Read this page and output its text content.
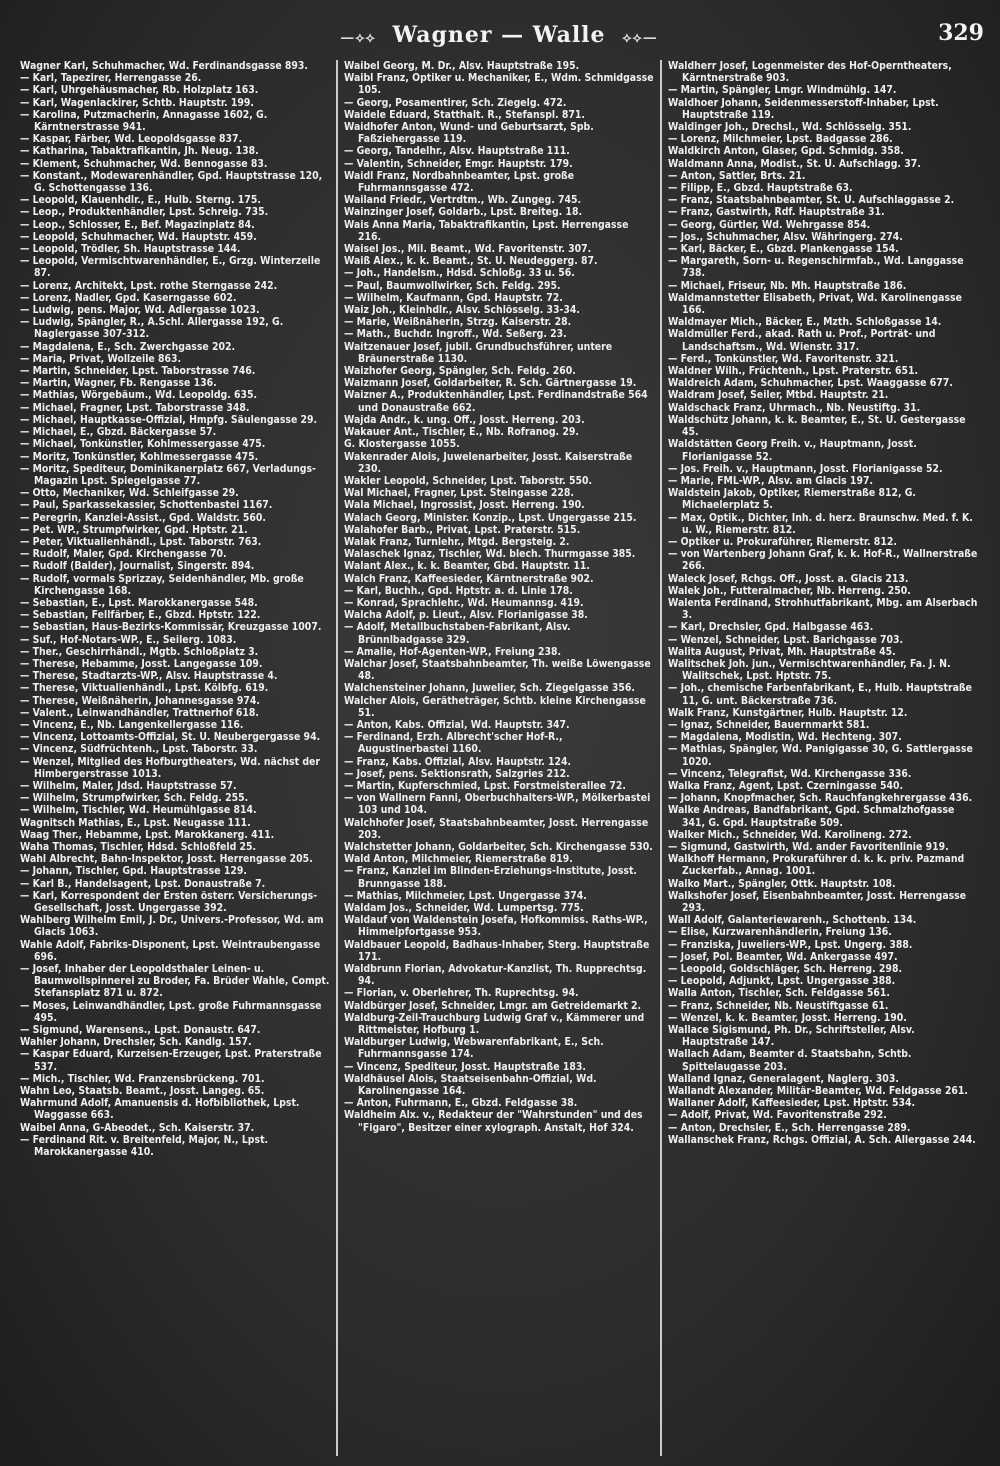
—⟡⟡ Wagner — Walle ⟡⟡—	329
Wagner Karl, Schuhmacher, Wd. Ferdinandsgasse 893.
— Karl, Tapezirer, Herrengasse 26.
— Karl, Uhrgehäusmacher, Rb. Holzplatz 163.
— Karl, Wagenlackirer, Schtb. Hauptstr. 199.
— Karolina, Putzmacherin, Annagasse 1602, G. Kärntnerstrasse 941.
— Kaspar, Färber, Wd. Leopoldsgasse 837.
— Katharina, Tabaktrafikantin, Jh. Neug. 138.
— Klement, Schuhmacher, Wd. Bennogasse 83.
— Konstant., Modewarenhändler, Gpd. Hauptstrasse 120, G. Schottengasse 136.
— Leopold, Klauenhdlr., E., Hulb. Sterng. 175.
— Leop., Produktenhändler, Lpst. Schreig. 735.
— Leop., Schlosser, E., Bef. Magazinplatz 84.
— Leopold, Schuhmacher, Wd. Hauptstr. 459.
— Leopold, Trödler, Sh. Hauptstrasse 144.
— Leopold, Vermischtwarenhändler, E., Grzg. Winterzeile 87.
— Lorenz, Architekt, Lpst. rothe Sterngasse 242.
— Lorenz, Nadler, Gpd. Kaserngasse 602.
— Ludwig, pens. Major, Wd. Adlergasse 1023.
— Ludwig, Spängler, R., A.Schl. Allergasse 192, G. Naglergasse 307-312.
— Magdalena, E., Sch. Zwerchgasse 202.
— Maria, Privat, Wollzeile 863.
— Martin, Schneider, Lpst. Taborstrasse 746.
— Martin, Wagner, Fb. Rengasse 136.
— Mathias, Wörgebäum., Wd. Leopoldg. 635.
— Michael, Fragner, Lpst. Taborstrasse 348.
— Michael, Hauptkasse-Offizial, Hmpfg. Säulengasse 29.
— Michael, E., Gbzd. Bäckergasse 57.
— Michael, Tonkünstler, Kohlmessergasse 475.
— Moritz, Tonkünstler, Kohlmessergasse 475.
— Moritz, Spediteur, Dominikanerplatz 667, Verladungs-Magazin Lpst. Spiegelgasse 77.
— Otto, Mechaniker, Wd. Schleifgasse 29.
— Paul, Sparkassekassier, Schottenbastei 1167.
— Peregrin, Kanzlei-Assist., Gpd. Waldstr. 560.
— Pet. WP., Strumpfwirker, Gpd. Hptstr. 21.
— Peter, Viktualienhändl., Lpst. Taborstr. 763.
— Rudolf, Maler, Gpd. Kirchengasse 70.
— Rudolf (Balder), Journalist, Singerstr. 894.
— Rudolf, vormals Sprizzay, Seidenhändler, Mb. große Kirchengasse 168.
— Sebastian, E., Lpst. Marokkanergasse 548.
— Sebastian, Fellfärber, E., Gbzd. Hptstr. 122.
— Sebastian, Haus-Bezirks-Kommissär, Kreuzgasse 1007.
— Suf., Hof-Notars-WP., E., Seilerg. 1083.
— Ther., Geschirrhändl., Mgtb. Schloßplatz 3.
— Therese, Hebamme, Josst. Langegasse 109.
— Therese, Stadtarzts-WP., Alsv. Hauptstrasse 4.
— Therese, Viktualienhändl., Lpst. Kölbfg. 619.
— Therese, Weißnäherin, Johannesgasse 974.
— Valent., Leinwandhändler, Trattnerhof 618.
— Vincenz, E., Nb. Langenkellergasse 116.
— Vincenz, Lottoamts-Offizial, St. U. Neubergergasse 94.
— Vincenz, Südfrüchtenh., Lpst. Taborstr. 33.
— Wenzel, Mitglied des Hofburgtheaters, Wd. nächst der Himbergerstrasse 1013.
— Wilhelm, Maler, Jdsd. Hauptstrasse 57.
— Wilhelm, Strumpfwirker, Sch. Feldg. 255.
— Wilhelm, Tischler, Wd. Heumühlgasse 814.
Wagnitsch Mathias, E., Lpst. Neugasse 111.
Waag Ther., Hebamme, Lpst. Marokkanerg. 411.
Waha Thomas, Tischler, Hdsd. Schloßfeld 25.
Wahl Albrecht, Bahn-Inspektor, Josst. Herrengasse 205.
— Johann, Tischler, Gpd. Hauptstrasse 129.
— Karl B., Handelsagent, Lpst. Donaustraße 7.
— Karl, Korrespondent der Ersten österr. Versicherungs-Gesellschaft, Josst. Ungergasse 392.
Wahlberg Wilhelm Emil, J. Dr., Univers.-Professor, Wd. am Glacis 1063.
Wahle Adolf, Fabriks-Disponent, Lpst. Weintraubengasse 696.
— Josef, Inhaber der Leopoldsthaler Leinen- u. Baumwollspinnerei zu Broder, Fa. Brüder Wahle, Compt. Stefansplatz 871 u. 872.
— Moses, Leinwandhändler, Lpst. große Fuhrmannsgasse 495.
— Sigmund, Warensens., Lpst. Donaustr. 647.
Wahler Johann, Drechsler, Sch. Kandlg. 157.
— Kaspar Eduard, Kurzeisen-Erzeuger, Lpst. Praterstraße 537.
— Mich., Tischler, Wd. Franzensbrückeng. 701.
Wahn Leo, Staatsb. Beamt., Josst. Langeg. 65.
Wahrmund Adolf, Amanuensis d. Hofbibliothek, Lpst. Waggasse 663.
Waibel Anna, G-Abeodet., Sch. Kaiserstr. 37.
— Ferdinand Rit. v. Breitenfeld, Major, N., Lpst. Marokkanergasse 410.
Waibel Georg, M. Dr., Alsv. Hauptstraße 195.
Waibl Franz, Optiker u. Mechaniker, E., Wdm. Schmidgasse 105.
— Georg, Posamentirer, Sch. Ziegelg. 472.
Waidele Eduard, Statthalt. R., Stefanspl. 871.
Waidhofer Anton, Wund- und Geburtsarzt, Spb. Faßziehergasse 119.
— Georg, Tandelhr., Alsv. Hauptstraße 111.
— Valentin, Schneider, Emgr. Hauptstr. 179.
Waidl Franz, Nordbahnbeamter, Lpst. große Fuhrmannsgasse 472.
Wailand Friedr., Vertrdtm., Wb. Zungeg. 745.
Wainzinger Josef, Goldarb., Lpst. Breiteg. 18.
Wais Anna Maria, Tabaktrafikantin, Lpst. Herrengasse 216.
Waisel Jos., Mil. Beamt., Wd. Favoritenstr. 307.
Waiß Alex., k. k. Beamt., St. U. Neudeggerg. 87.
— Joh., Handelsm., Hdsd. Schloßg. 33 u. 56.
— Paul, Baumwollwirker, Sch. Feldg. 295.
— Wilhelm, Kaufmann, Gpd. Hauptstr. 72.
Waiz Joh., Kleinhdlr., Alsv. Schlösselg. 33-34.
— Marie, Weißnäherin, Strzg. Kaiserstr. 28.
— Math., Buchdr. Ingroff., Wd. Seßerg. 23.
Waitzenauer Josef, jubil. Grundbuchsführer, untere Bräunerstraße 1130.
Waizhofer Georg, Spängler, Sch. Feldg. 260.
Waizmann Josef, Goldarbeiter, R. Sch. Gärtnergasse 19.
Waizner A., Produktenhändler, Lpst. Ferdinandstraße 564 und Donaustraße 662.
Wajda Andr., k. ung. Off., Josst. Herreng. 203.
Wakauer Ant., Tischler, E., Nb. Rofranog. 29.
G. Klostergasse 1055.
Wakenrader Alois, Juwelenarbeiter, Josst. Kaiserstraße 230.
Wakler Leopold, Schneider, Lpst. Taborstr. 550.
Wal Michael, Fragner, Lpst. Steingasse 228.
Wala Michael, Ingrossist, Josst. Herreng. 190.
Walach Georg, Minister. Konzip., Lpst. Ungergasse 215.
Walahofer Barb., Privat, Lpst. Praterstr. 515.
Walak Franz, Turnlehr., Mtgd. Bergsteig. 2.
Walaschek Ignaz, Tischler, Wd. blech. Thurmgasse 385.
Walant Alex., k. k. Beamter, Gbd. Hauptstr. 11.
Walch Franz, Kaffeesieder, Kärntnerstraße 902.
— Karl, Buchh., Gpd. Hptstr. a. d. Linie 178.
— Konrad, Sprachlehr., Wd. Heumannsg. 419.
Walcha Adolf, p. Lieut., Alsv. Florianigasse 38.
— Adolf, Metallbuchstaben-Fabrikant, Alsv. Brünnlbadgasse 329.
— Amalie, Hof-Agenten-WP., Freiung 238.
Walchar Josef, Staatsbahnbeamter, Th. weiße Löwengasse 48.
Walchensteiner Johann, Juwelier, Sch. Ziegelgasse 356.
Walcher Alois, Gerätheträger, Schtb. kleine Kirchengasse 51.
— Anton, Kabs. Offizial, Wd. Hauptstr. 347.
— Ferdinand, Erzh. Albrecht'scher Hof-R., Augustinerbastei 1160.
— Franz, Kabs. Offizial, Alsv. Hauptstr. 124.
— Josef, pens. Sektionsrath, Salzgries 212.
— Martin, Kupferschmied, Lpst. Forstmeisterallee 72.
— von Wallnern Fanni, Oberbuchhalters-WP., Mölkerbastei 103 und 104.
Walchhofer Josef, Staatsbahnbeamter, Josst. Herrengasse 203.
Walchstetter Johann, Goldarbeiter, Sch. Kirchengasse 530.
Wald Anton, Milchmeier, Riemerstraße 819.
— Franz, Kanzlei im Blinden-Erziehungs-Institute, Josst. Brunngasse 188.
— Mathias, Milchmeier, Lpst. Ungergasse 374.
Waldam Jos., Schneider, Wd. Lumpertsg. 775.
Waldauf von Waldenstein Josefa, Hofkommiss. Raths-WP., Himmelpfortgasse 953.
Waldbauer Leopold, Badhaus-Inhaber, Sterg. Hauptstraße 171.
Waldbrunn Florian, Advokatur-Kanzlist, Th. Rupprechtsg. 94.
— Florian, v. Oberlehrer, Th. Ruprechtsg. 94.
Waldbürger Josef, Schneider, Lmgr. am Getreidemarkt 2.
Waldburg-Zeil-Trauchburg Ludwig Graf v., Kämmerer und Rittmeister, Hofburg 1.
Waldburger Ludwig, Webwarenfabrikant, E., Sch. Fuhrmannsgasse 174.
— Vincenz, Spediteur, Josst. Hauptstraße 183.
Waldhäusel Alois, Staatseisenbahn-Offizial, Wd. Karolinengasse 164.
— Anton, Fuhrmann, E., Gbzd. Feldgasse 38.
Waldheim Alx. v., Redakteur der "Wahrstunden" und des "Figaro", Besitzer einer xylograph. Anstalt, Hof 324.
Waldherr Josef, Logenmeister des Hof-Operntheaters, Kärntnerstraße 903.
— Martin, Spängler, Lmgr. Windmühlg. 147.
Waldhoer Johann, Seidenmesserstoff-Inhaber, Lpst. Hauptstraße 119.
Waldinger Joh., Drechsl., Wd. Schlösselg. 351.
— Lorenz, Milchmeier, Lpst. Badgasse 286.
Waldkirch Anton, Glaser, Gpd. Schmidg. 358.
Waldmann Anna, Modist., St. U. Aufschlagg. 37.
— Anton, Sattler, Brts. 21.
— Filipp, E., Gbzd. Hauptstraße 63.
— Franz, Staatsbahnbeamter, St. U. Aufschlaggasse 2.
— Franz, Gastwirth, Rdf. Hauptstraße 31.
— Georg, Gürtler, Wd. Wehrgasse 854.
— Jos., Schuhmacher, Alsv. Währingerg. 274.
— Karl, Bäcker, E., Gbzd. Plankengasse 154.
— Margareth, Sorn- u. Regenschirmfab., Wd. Langgasse 738.
— Michael, Friseur, Nb. Mh. Hauptstraße 186.
Waldmannstetter Elisabeth, Privat, Wd. Karolinengasse 166.
Waldmayer Mich., Bäcker, E., Mzth. Schloßgasse 14.
Waldmüller Ferd., akad. Rath u. Prof., Porträt- und Landschaftsm., Wd. Wienstr. 317.
— Ferd., Tonkünstler, Wd. Favoritenstr. 321.
Waldner Wilh., Früchtenh., Lpst. Praterstr. 651.
Waldreich Adam, Schuhmacher, Lpst. Waaggasse 677.
Waldram Josef, Seiler, Mtbd. Hauptstr. 21.
Waldschack Franz, Uhrmach., Nb. Neustiftg. 31.
Waldschütz Johann, k. k. Beamter, E., St. U. Gestergasse 45.
Waldstätten Georg Freih. v., Hauptmann, Josst. Florianigasse 52.
— Jos. Freih. v., Hauptmann, Josst. Florianigasse 52.
— Marie, FML-WP., Alsv. am Glacis 197.
Waldstein Jakob, Optiker, Riemerstraße 812, G. Michaelerplatz 5.
— Max, Optik., Dichter, Inh. d. herz. Braunschw. Med. f. K. u. W., Riemerstr. 812.
— Optiker u. Prokuraführer, Riemerstr. 812.
— von Wartenberg Johann Graf, k. k. Hof-R., Wallnerstraße 266.
Waleck Josef, Rchgs. Off., Josst. a. Glacis 213.
Walek Joh., Futteralmacher, Nb. Herreng. 250.
Walenta Ferdinand, Strohhutfabrikant, Mbg. am Alserbach 3.
— Karl, Drechsler, Gpd. Halbgasse 463.
— Wenzel, Schneider, Lpst. Barichgasse 703.
Walita August, Privat, Mh. Hauptstraße 45.
Walitschek Joh. jun., Vermischtwarenhändler, Fa. J. N. Walitschek, Lpst. Hptstr. 75.
— Joh., chemische Farbenfabrikant, E., Hulb. Hauptstraße 11, G. unt. Bäckerstraße 736.
Walk Franz, Kunstgärtner, Hulb. Hauptstr. 12.
— Ignaz, Schneider, Bauernmarkt 581.
— Magdalena, Modistin, Wd. Hechteng. 307.
— Mathias, Spängler, Wd. Panigigasse 30, G. Sattlergasse 1020.
— Vincenz, Telegrafist, Wd. Kirchengasse 336.
Walka Franz, Agent, Lpst. Czerningasse 540.
— Johann, Knopfmacher, Sch. Rauchfangkehrergasse 436.
Walke Andreas, Bandfabrikant, Gpd. Schmalzhofgasse 341, G. Gpd. Hauptstraße 509.
Walker Mich., Schneider, Wd. Karolineng. 272.
— Sigmund, Gastwirth, Wd. ander Favoritenlinie 919.
Walkhoff Hermann, Prokuraführer d. k. k. priv. Pazmand Zuckerfab., Annag. 1001.
Walko Mart., Spängler, Ottk. Hauptstr. 108.
Walkshofer Josef, Eisenbahnbeamter, Josst. Herrengasse 293.
Wall Adolf, Galanteriewarenh., Schottenb. 134.
— Elise, Kurzwarenhändlerin, Freiung 136.
— Franziska, Juweliers-WP., Lpst. Ungerg. 388.
— Josef, Pol. Beamter, Wd. Ankergasse 497.
— Leopold, Goldschläger, Sch. Herreng. 298.
— Leopold, Adjunkt, Lpst. Ungergasse 388.
Walla Anton, Tischler, Sch. Feldgasse 561.
— Franz, Schneider, Nb. Neustiftgasse 61.
— Wenzel, k. k. Beamter, Josst. Herreng. 190.
Wallace Sigismund, Ph. Dr., Schriftsteller, Alsv. Hauptstraße 147.
Wallach Adam, Beamter d. Staatsbahn, Schtb. Spittelaugasse 203.
Walland Ignaz, Generalagent, Naglerg. 303.
Wallandt Alexander, Militär-Beamter, Wd. Feldgasse 261.
Wallaner Adolf, Kaffeesieder, Lpst. Hptstr. 534.
— Adolf, Privat, Wd. Favoritenstraße 292.
— Anton, Drechsler, E., Sch. Herrengasse 289.
Wallanschek Franz, Rchgs. Offizial, A. Sch. Allergasse 244.
